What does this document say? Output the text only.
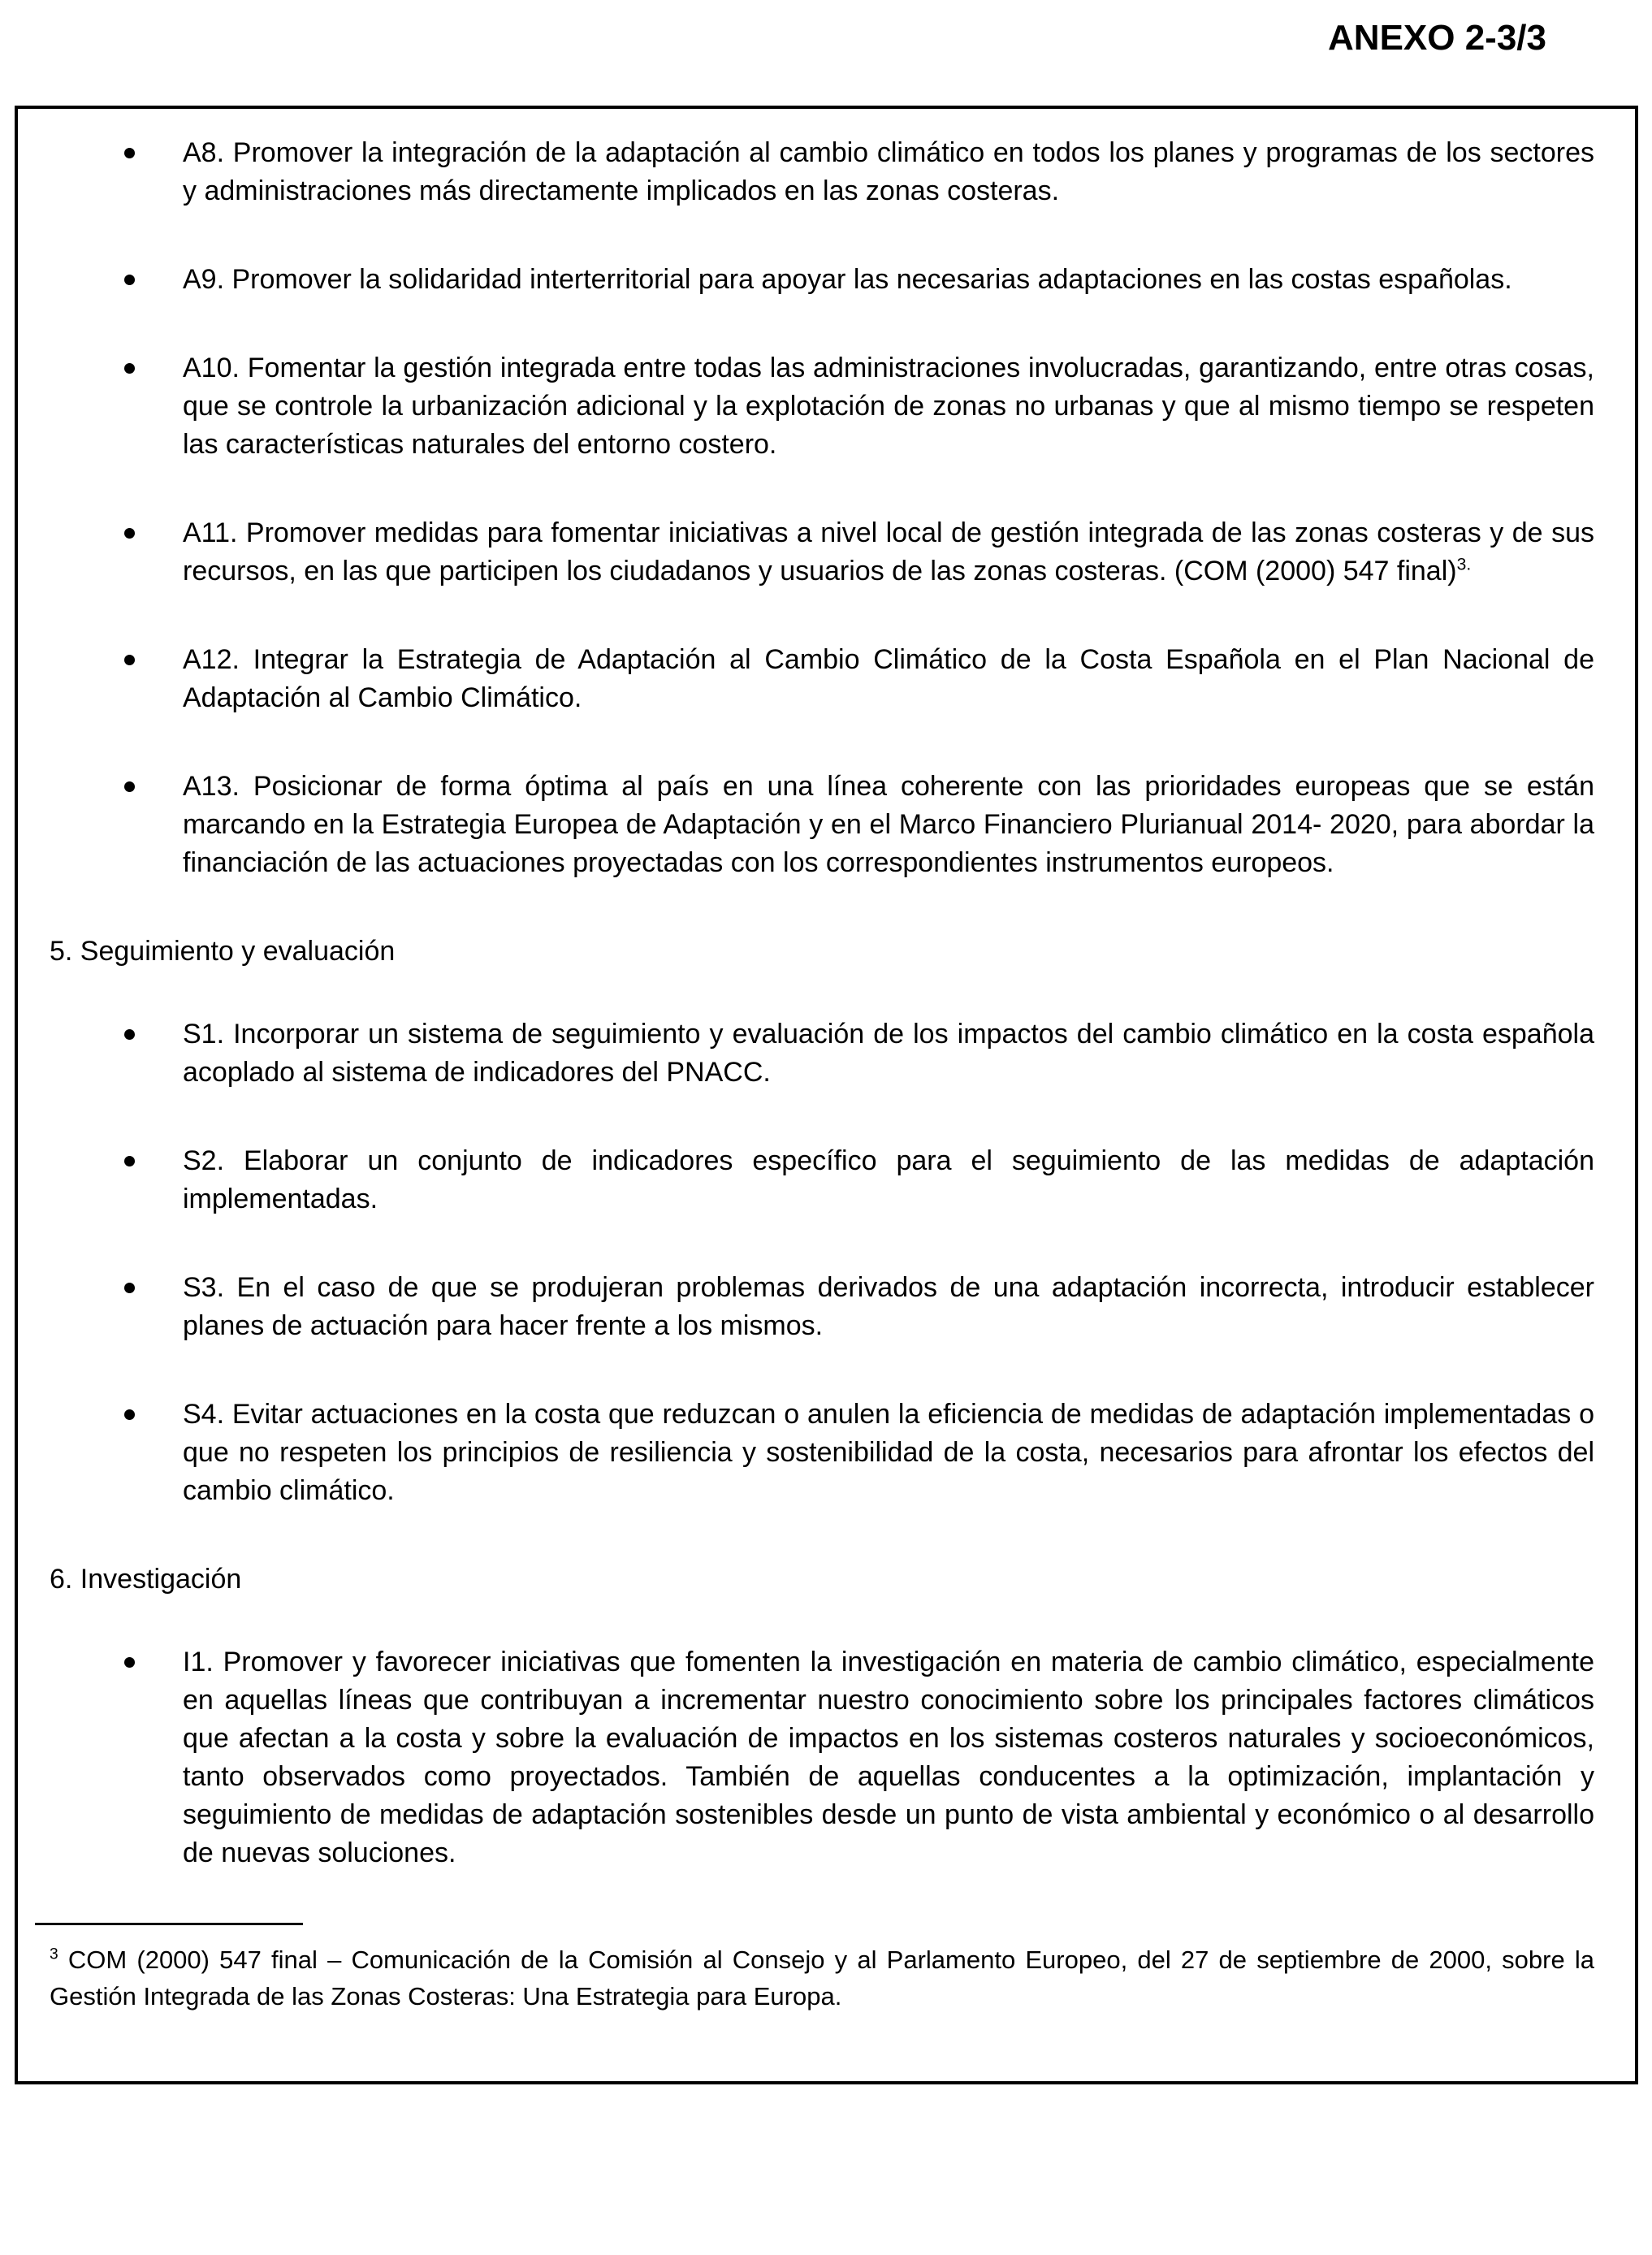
ANEXO 2-3/3
A8. Promover la integración de la adaptación al cambio climático en todos los planes y programas de los sectores y administraciones más directamente implicados en las zonas costeras.
A9. Promover la solidaridad interterritorial para apoyar las necesarias adaptaciones en las costas españolas.
A10. Fomentar la gestión integrada entre todas las administraciones involucradas, garantizando, entre otras cosas, que se controle la urbanización adicional y la explotación de zonas no urbanas y que al mismo tiempo se respeten las características naturales del entorno costero.
A11. Promover medidas para fomentar iniciativas a nivel local de gestión integrada de las zonas costeras y de sus recursos, en las que participen los ciudadanos y usuarios de las zonas costeras. (COM (2000) 547 final)$^{3.}$
A12. Integrar la Estrategia de Adaptación al Cambio Climático de la Costa Española en el Plan Nacional de Adaptación al Cambio Climático.
A13. Posicionar de forma óptima al país en una línea coherente con las prioridades europeas que se están marcando en la Estrategia Europea de Adaptación y en el Marco Financiero Plurianual 2014- 2020, para abordar la financiación de las actuaciones proyectadas con los correspondientes instrumentos europeos.
5. Seguimiento y evaluación
S1. Incorporar un sistema de seguimiento y evaluación de los impactos del cambio climático en la costa española acoplado al sistema de indicadores del PNACC.
S2. Elaborar un conjunto de indicadores específico para el seguimiento de las medidas de adaptación implementadas.
S3. En el caso de que se produjeran problemas derivados de una adaptación incorrecta, introducir establecer planes de actuación para hacer frente a los mismos.
S4. Evitar actuaciones en la costa que reduzcan o anulen la eficiencia de medidas de adaptación implementadas o que no respeten los principios de resiliencia y sostenibilidad de la costa, necesarios para afrontar los efectos del cambio climático.
6. Investigación
I1. Promover y favorecer iniciativas que fomenten la investigación en materia de cambio climático, especialmente en aquellas líneas que contribuyan a incrementar nuestro conocimiento sobre los principales factores climáticos que afectan a la costa y sobre la evaluación de impactos en los sistemas costeros naturales y socioeconómicos, tanto observados como proyectados. También de aquellas conducentes a la optimización, implantación y seguimiento de medidas de adaptación sostenibles desde un punto de vista ambiental y económico o al desarrollo de nuevas soluciones.

$^3$ COM (2000) 547 final – Comunicación de la Comisión al Consejo y al Parlamento Europeo, del 27 de septiembre de 2000, sobre la Gestión Integrada de las Zonas Costeras: Una Estrategia para Europa.
